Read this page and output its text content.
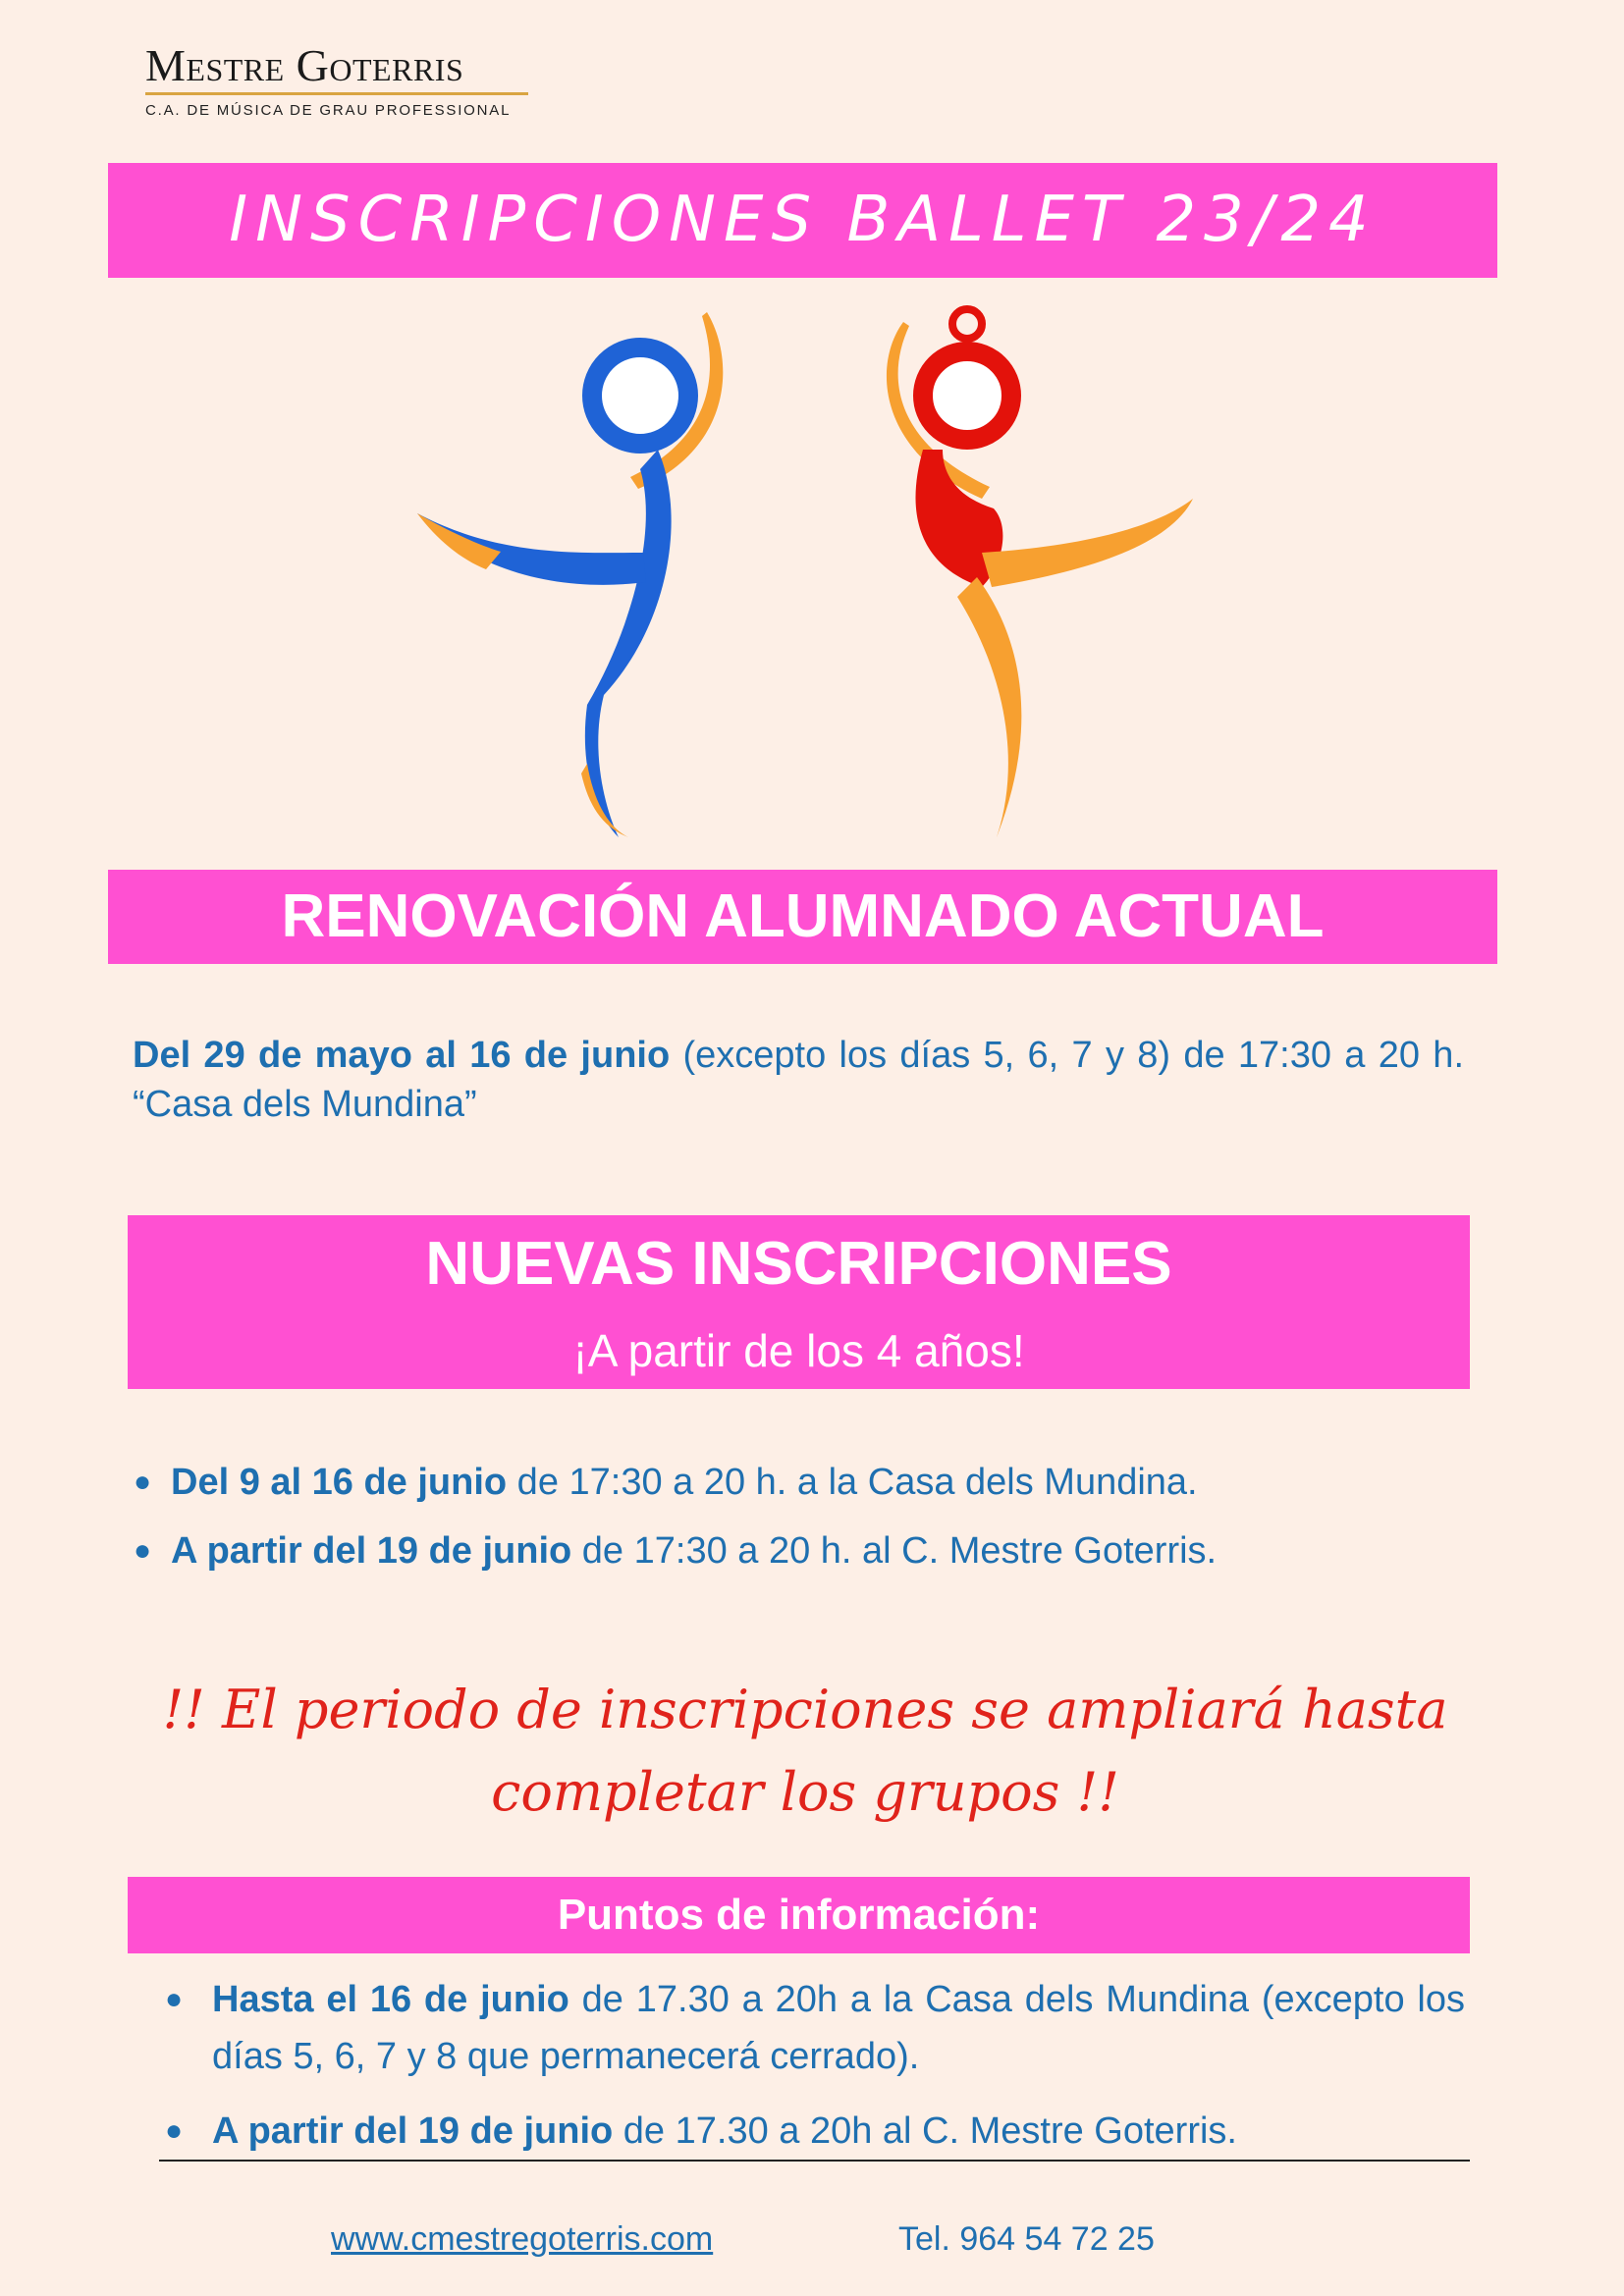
Mestre Goterris
C.A. DE MÚSICA DE GRAU PROFESSIONAL
INSCRIPCIONES BALLET 23/24
RENOVACIÓN ALUMNADO ACTUAL
Del 29 de mayo al 16 de junio (excepto los días 5, 6, 7 y 8) de 17:30 a 20 h. “Casa dels Mundina”
NUEVAS INSCRIPCIONES
¡A partir de los 4 años!
● Del 9 al 16 de junio de 17:30 a 20 h. a la Casa dels Mundina.
● A partir del 19 de junio de 17:30 a 20 h. al C. Mestre Goterris.
!! El periodo de inscripciones se ampliará hasta
completar los grupos !!
Puntos de información:
● Hasta el 16 de junio de 17.30 a 20h a la Casa dels Mundina (excepto los días 5, 6, 7 y 8 que permanecerá cerrado).
● A partir del 19 de junio de 17.30 a 20h al C. Mestre Goterris.
www.cmestregoterris.com	Tel. 964 54 72 25
